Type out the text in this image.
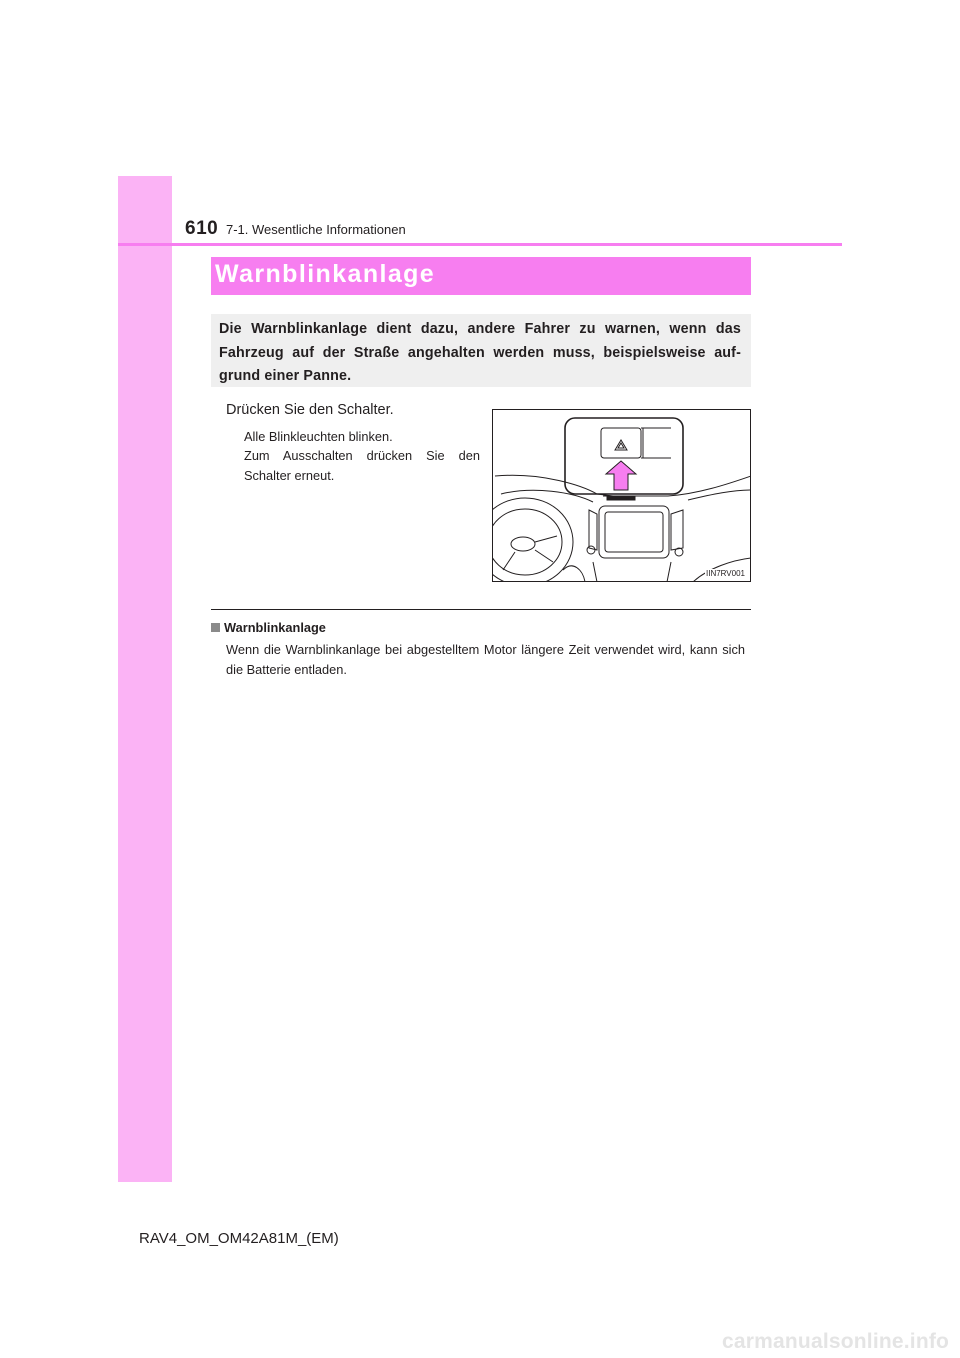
610 7-1. Wesentliche Informationen
Warnblinkanlage
Die Warnblinkanlage dient dazu, andere Fahrer zu warnen, wenn das Fahrzeug auf der Straße angehalten werden muss, beispielsweise auf-grund einer Panne.
Drücken Sie den Schalter.
Alle Blinkleuchten blinken.
Zum Ausschalten drücken Sie den Schalter erneut.
IIN7RV001
Warnblinkanlage
Wenn die Warnblinkanlage bei abgestelltem Motor längere Zeit verwendet wird, kann sich die Batterie entladen.
RAV4_OM_OM42A81M_(EM)
carmanualsonline.info
